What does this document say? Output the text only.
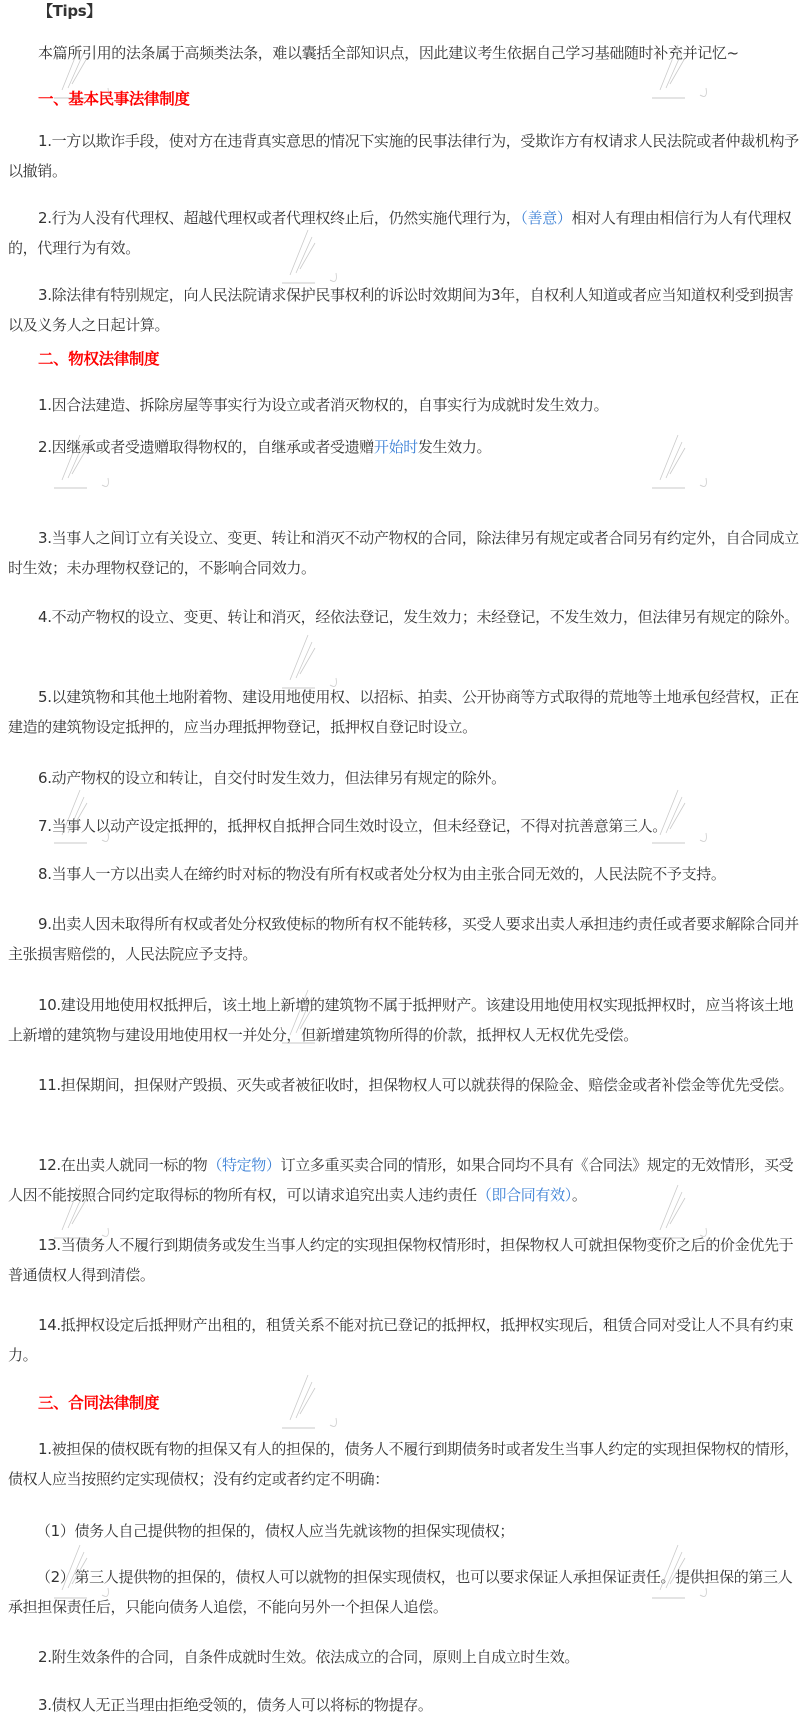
【Tips】

本篇所引用的法条属于高频类法条，难以囊括全部知识点，因此建议考生依据自己学习基础随时补充并记忆~

一、基本民事法律制度

1.一方以欺诈手段，使对方在违背真实意思的情况下实施的民事法律行为，受欺诈方有权请求人民法院或者仲裁机构予以撤销。

2.行为人没有代理权、超越代理权或者代理权终止后，仍然实施代理行为，（善意）相对人有理由相信行为人有代理权的，代理行为有效。

3.除法律有特别规定，向人民法院请求保护民事权利的诉讼时效期间为3年，自权利人知道或者应当知道权利受到损害以及义务人之日起计算。

二、物权法律制度

1.因合法建造、拆除房屋等事实行为设立或者消灭物权的，自事实行为成就时发生效力。

2.因继承或者受遗赠取得物权的，自继承或者受遗赠开始时发生效力。

3.当事人之间订立有关设立、变更、转让和消灭不动产物权的合同，除法律另有规定或者合同另有约定外，自合同成立时生效；未办理物权登记的，不影响合同效力。

4.不动产物权的设立、变更、转让和消灭，经依法登记，发生效力；未经登记，不发生效力，但法律另有规定的除外。

5.以建筑物和其他土地附着物、建设用地使用权、以招标、拍卖、公开协商等方式取得的荒地等土地承包经营权，正在建造的建筑物设定抵押的，应当办理抵押物登记，抵押权自登记时设立。

6.动产物权的设立和转让，自交付时发生效力，但法律另有规定的除外。

7.当事人以动产设定抵押的，抵押权自抵押合同生效时设立，但未经登记，不得对抗善意第三人。

8.当事人一方以出卖人在缔约时对标的物没有所有权或者处分权为由主张合同无效的，人民法院不予支持。

9.出卖人因未取得所有权或者处分权致使标的物所有权不能转移，买受人要求出卖人承担违约责任或者要求解除合同并主张损害赔偿的，人民法院应予支持。

10.建设用地使用权抵押后，该土地上新增的建筑物不属于抵押财产。该建设用地使用权实现抵押权时，应当将该土地上新增的建筑物与建设用地使用权一并处分，但新增建筑物所得的价款，抵押权人无权优先受偿。

11.担保期间，担保财产毁损、灭失或者被征收时，担保物权人可以就获得的保险金、赔偿金或者补偿金等优先受偿。

12.在出卖人就同一标的物（特定物）订立多重买卖合同的情形，如果合同均不具有《合同法》规定的无效情形，买受人因不能按照合同约定取得标的物所有权，可以请求追究出卖人违约责任（即合同有效）。

13.当债务人不履行到期债务或发生当事人约定的实现担保物权情形时，担保物权人可就担保物变价之后的价金优先于普通债权人得到清偿。

14.抵押权设定后抵押财产出租的，租赁关系不能对抗已登记的抵押权，抵押权实现后，租赁合同对受让人不具有约束力。

三、合同法律制度

1.被担保的债权既有物的担保又有人的担保的，债务人不履行到期债务时或者发生当事人约定的实现担保物权的情形，债权人应当按照约定实现债权；没有约定或者约定不明确：

（1）债务人自己提供物的担保的，债权人应当先就该物的担保实现债权；

（2）第三人提供物的担保的，债权人可以就物的担保实现债权，也可以要求保证人承担保证责任。提供担保的第三人承担担保责任后，只能向债务人追偿，不能向另外一个担保人追偿。

2.附生效条件的合同，自条件成就时生效。依法成立的合同，原则上自成立时生效。

3.债权人无正当理由拒绝受领的，债务人可以将标的物提存。
